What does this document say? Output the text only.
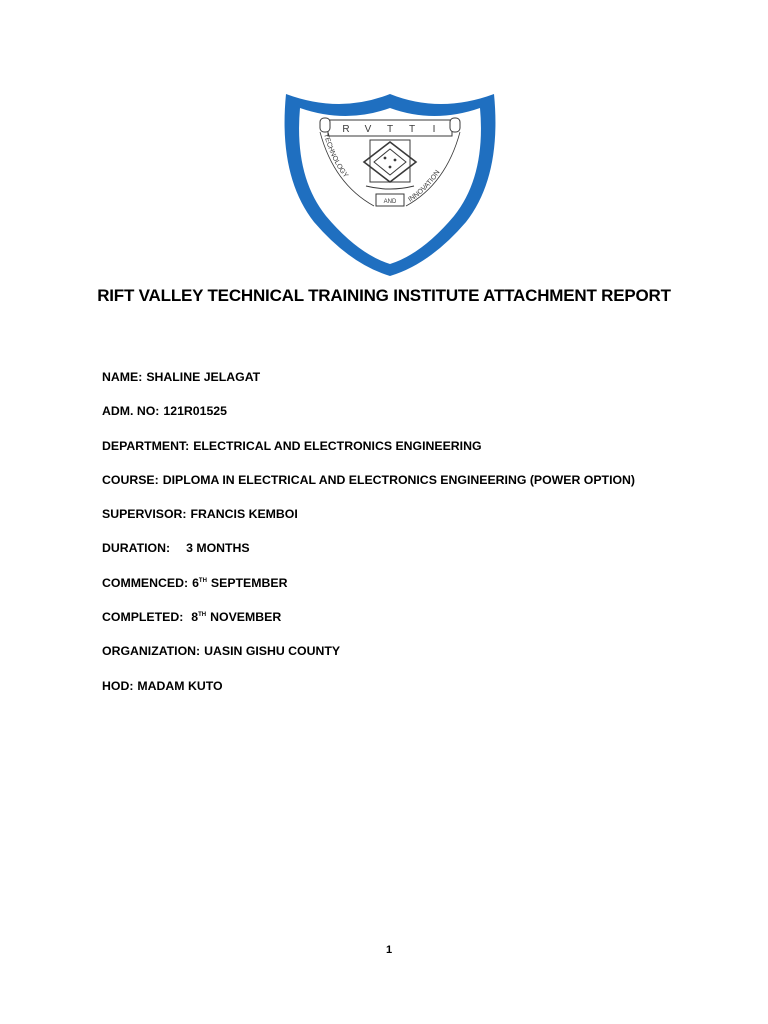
R V T T I
AND
TECHNOLOGY
INNOVATION
RIFT VALLEY TECHNICAL TRAINING INSTITUTE ATTACHMENT REPORT
NAME: SHALINE JELAGAT
ADM. NO: 121R01525
DEPARTMENT: ELECTRICAL AND ELECTRONICS ENGINEERING
COURSE: DIPLOMA IN ELECTRICAL AND ELECTRONICS ENGINEERING (POWER OPTION)
SUPERVISOR: FRANCIS KEMBOI
DURATION: 3 MONTHS
COMMENCED: 6TH SEPTEMBER
COMPLETED: 8TH NOVEMBER
ORGANIZATION: UASIN GISHU COUNTY
HOD: MADAM KUTO
1
